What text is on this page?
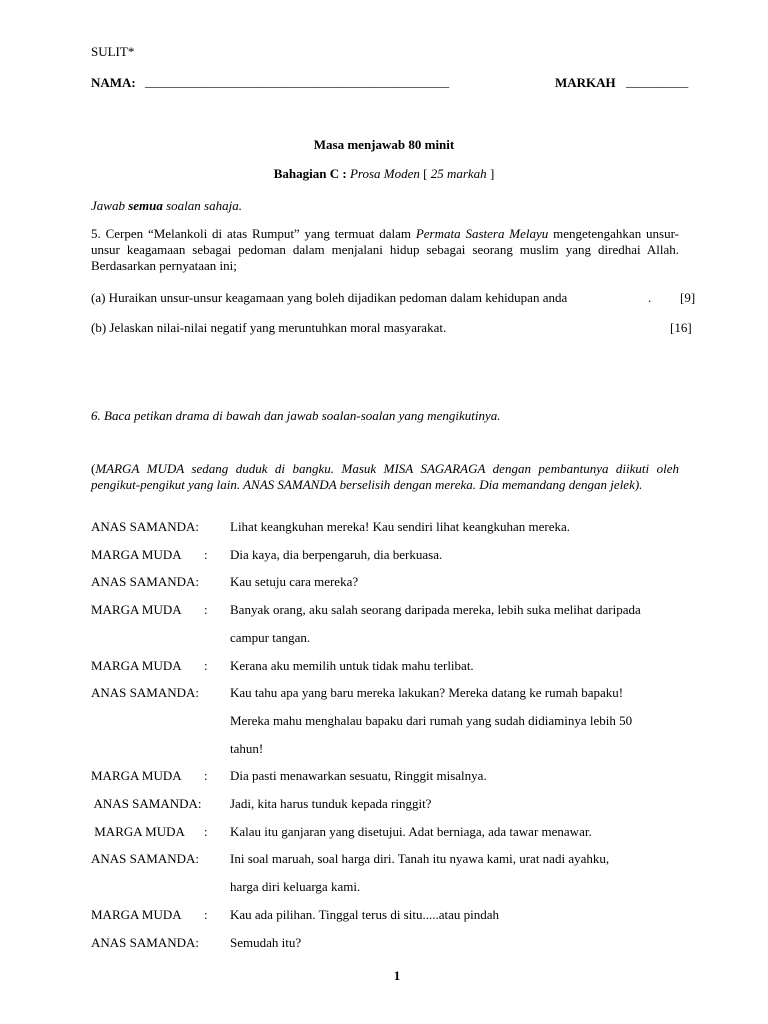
SULIT*
NAMA: _________________________________________________	MARKAH __________
Masa menjawab 80 minit
Bahagian C : Prosa Moden [ 25 markah ]
Jawab semua soalan sahaja.
5. Cerpen “Melankoli di atas Rumput” yang termuat dalam Permata Sastera Melayu mengetengahkan unsur-unsur keagamaan sebagai pedoman dalam menjalani hidup sebagai seorang muslim yang diredhai Allah. Berdasarkan pernyataan ini;
(a) Huraikan unsur-unsur keagamaan yang boleh dijadikan pedoman dalam kehidupan anda	. [9]
(b) Jelaskan nilai-nilai negatif yang meruntuhkan moral masyarakat.	[16]
6. Baca petikan drama di bawah dan jawab soalan-soalan yang mengikutinya.
(MARGA MUDA sedang duduk di bangku. Masuk MISA SAGARAGA dengan pembantunya diikuti oleh pengikut-pengikut yang lain. ANAS SAMANDA berselisih dengan mereka. Dia memandang dengan jelek).
ANAS SAMANDA: Lihat keangkuhan mereka! Kau sendiri lihat keangkuhan mereka.
MARGA MUDA : Dia kaya, dia berpengaruh, dia berkuasa.
ANAS SAMANDA: Kau setuju cara mereka?
MARGA MUDA : Banyak orang, aku salah seorang daripada mereka, lebih suka melihat daripada
campur tangan.
MARGA MUDA : Kerana aku memilih untuk tidak mahu terlibat.
ANAS SAMANDA: Kau tahu apa yang baru mereka lakukan? Mereka datang ke rumah bapaku!
Mereka mahu menghalau bapaku dari rumah yang sudah didiaminya lebih 50
tahun!
MARGA MUDA : Dia pasti menawarkan sesuatu, Ringgit misalnya.
ANAS SAMANDA: Jadi, kita harus tunduk kepada ringgit?
MARGA MUDA : Kalau itu ganjaran yang disetujui. Adat berniaga, ada tawar menawar.
ANAS SAMANDA: Ini soal maruah, soal harga diri. Tanah itu nyawa kami, urat nadi ayahku,
harga diri keluarga kami.
MARGA MUDA : Kau ada pilihan. Tinggal terus di situ.....atau pindah
ANAS SAMANDA: Semudah itu?
1
